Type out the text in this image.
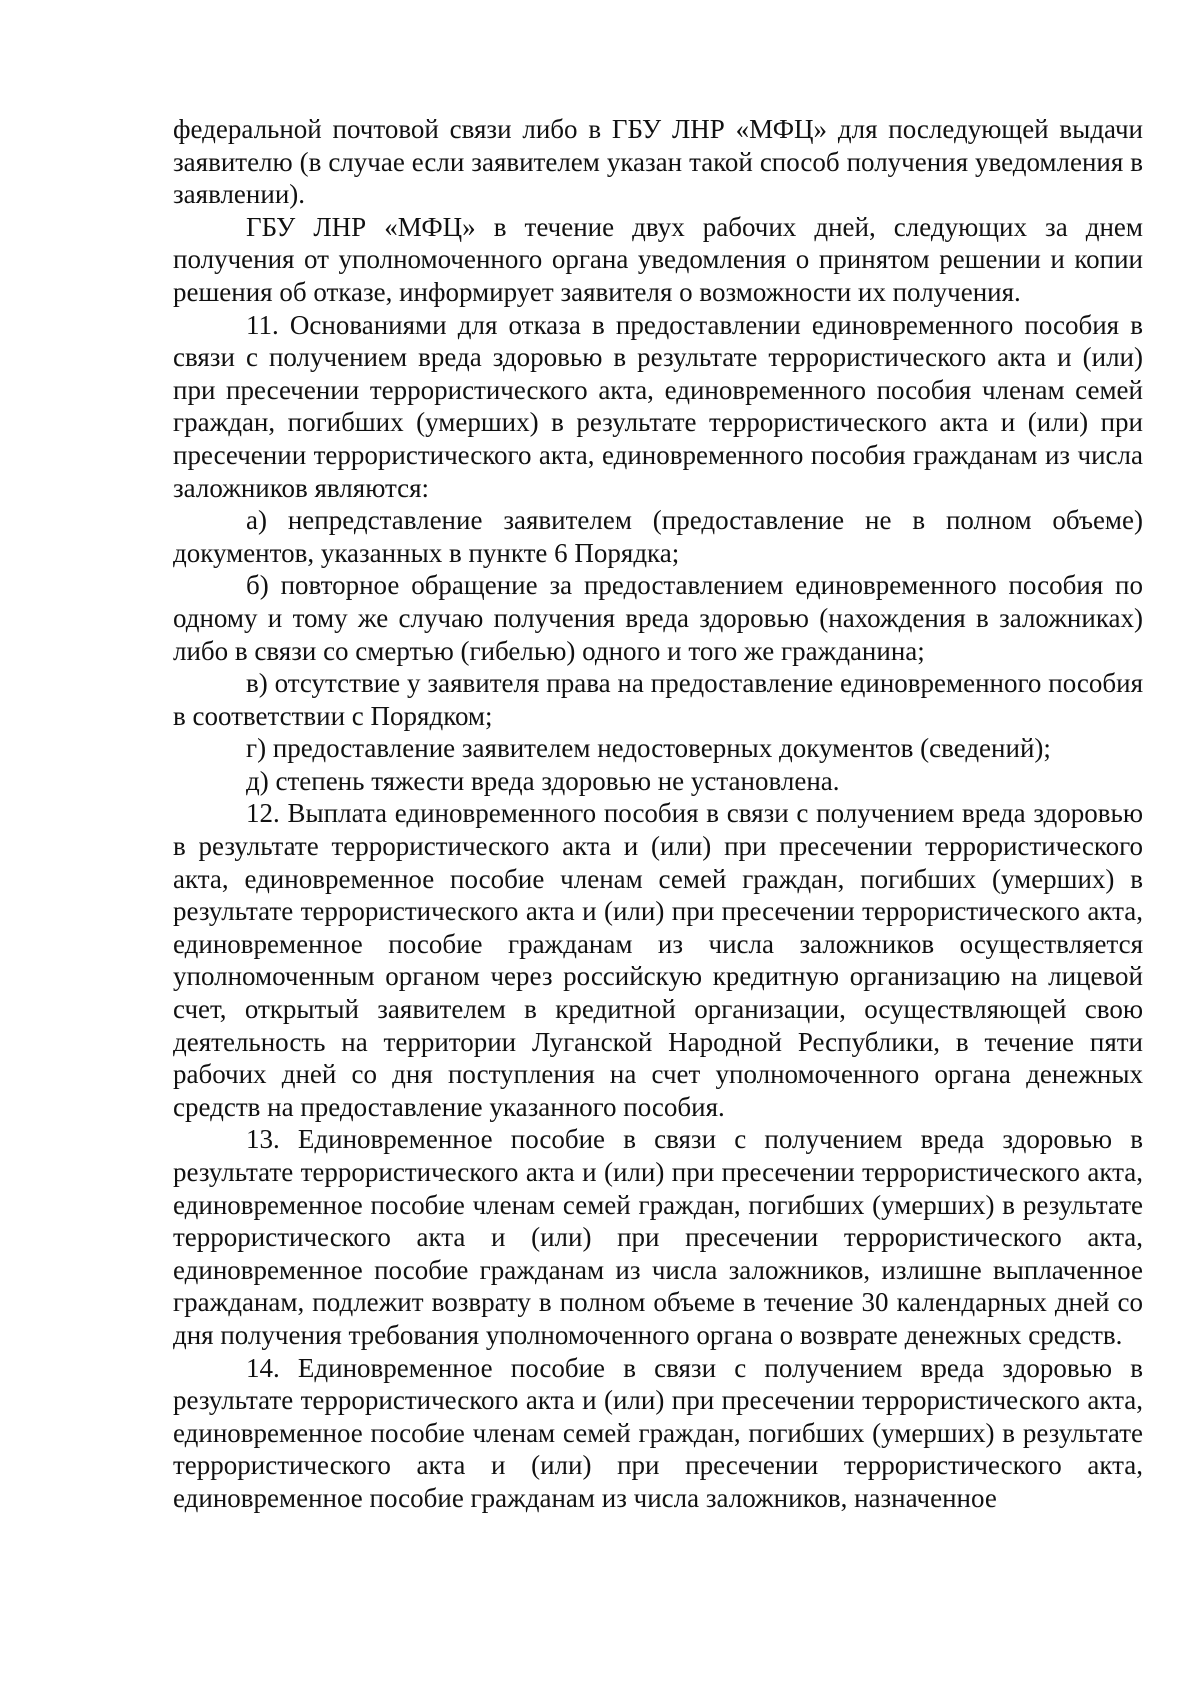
федеральной почтовой связи либо в ГБУ ЛНР «МФЦ» для последующей выдачи заявителю (в случае если заявителем указан такой способ получения уведомления в заявлении).

ГБУ ЛНР «МФЦ» в течение двух рабочих дней, следующих за днем получения от уполномоченного органа уведомления о принятом решении и копии решения об отказе, информирует заявителя о возможности их получения.

11. Основаниями для отказа в предоставлении единовременного пособия в связи с получением вреда здоровью в результате террористического акта и (или) при пресечении террористического акта, единовременного пособия членам семей граждан, погибших (умерших) в результате террористического акта и (или) при пресечении террористического акта, единовременного пособия гражданам из числа заложников являются:

а) непредставление заявителем (предоставление не в полном объеме) документов, указанных в пункте 6 Порядка;

б) повторное обращение за предоставлением единовременного пособия по одному и тому же случаю получения вреда здоровью (нахождения в заложниках) либо в связи со смертью (гибелью) одного и того же гражданина;

в) отсутствие у заявителя права на предоставление единовременного пособия в соответствии с Порядком;

г) предоставление заявителем недостоверных документов (сведений);

д) степень тяжести вреда здоровью не установлена.

12. Выплата единовременного пособия в связи с получением вреда здоровью в результате террористического акта и (или) при пресечении террористического акта, единовременное пособие членам семей граждан, погибших (умерших) в результате террористического акта и (или) при пресечении террористического акта, единовременное пособие гражданам из числа заложников осуществляется уполномоченным органом через российскую кредитную организацию на лицевой счет, открытый заявителем в кредитной организации, осуществляющей свою деятельность на территории Луганской Народной Республики, в течение пяти рабочих дней со дня поступления на счет уполномоченного органа денежных средств на предоставление указанного пособия.

13. Единовременное пособие в связи с получением вреда здоровью в результате террористического акта и (или) при пресечении террористического акта, единовременное пособие членам семей граждан, погибших (умерших) в результате террористического акта и (или) при пресечении террористического акта, единовременное пособие гражданам из числа заложников, излишне выплаченное гражданам, подлежит возврату в полном объеме в течение 30 календарных дней со дня получения требования уполномоченного органа о возврате денежных средств.

14. Единовременное пособие в связи с получением вреда здоровью в результате террористического акта и (или) при пресечении террористического акта, единовременное пособие членам семей граждан, погибших (умерших) в результате террористического акта и (или) при пресечении террористического акта, единовременное пособие гражданам из числа заложников, назначенное
